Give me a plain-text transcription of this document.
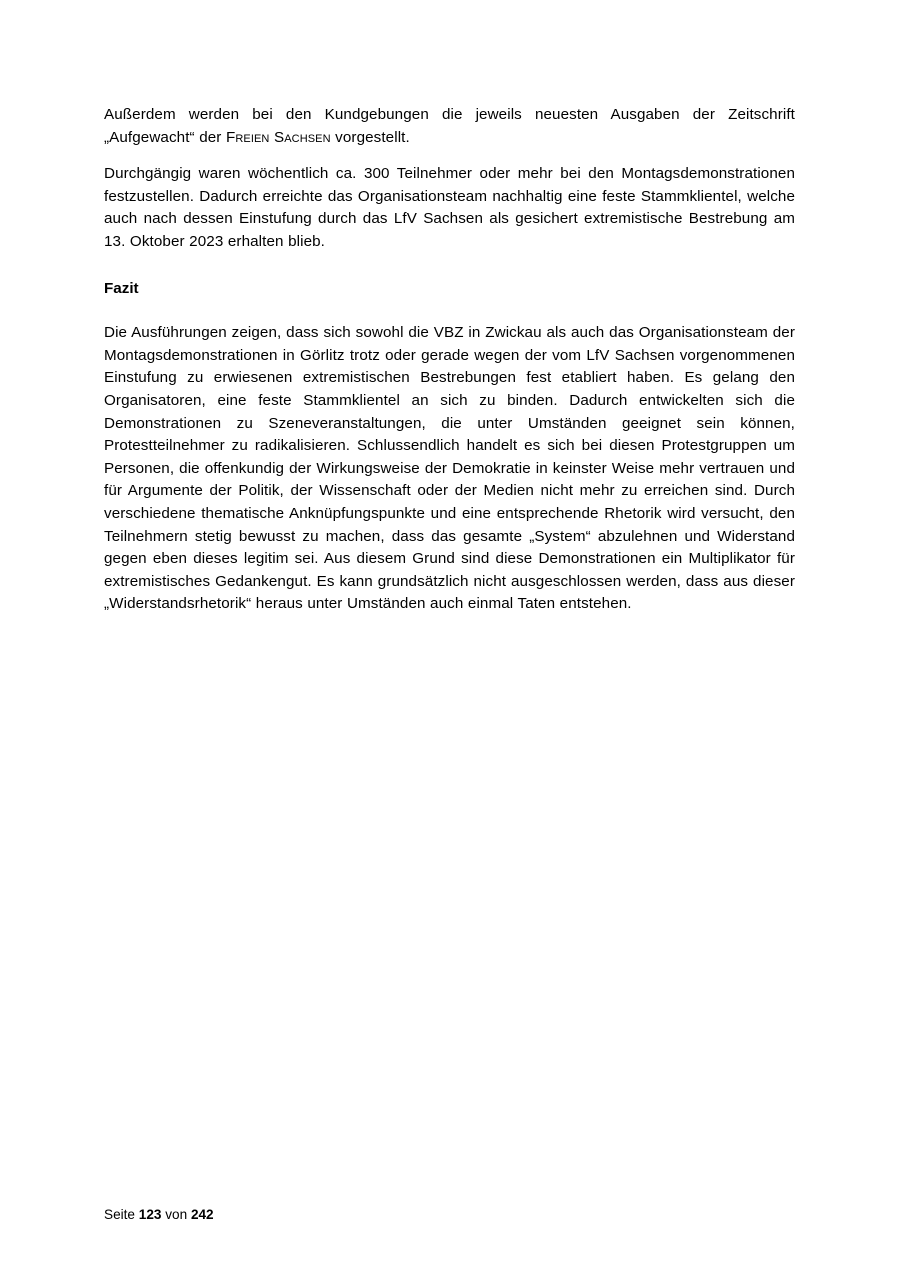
Außerdem werden bei den Kundgebungen die jeweils neuesten Ausgaben der Zeitschrift „Aufgewacht“ der Freien Sachsen vorgestellt.

Durchgängig waren wöchentlich ca. 300 Teilnehmer oder mehr bei den Montagsdemonstrationen festzustellen. Dadurch erreichte das Organisationsteam nachhaltig eine feste Stammklientel, welche auch nach dessen Einstufung durch das LfV Sachsen als gesichert extremistische Bestrebung am 13. Oktober 2023 erhalten blieb.

Fazit

Die Ausführungen zeigen, dass sich sowohl die VBZ in Zwickau als auch das Organisationsteam der Montagsdemonstrationen in Görlitz trotz oder gerade wegen der vom LfV Sachsen vorgenommenen Einstufung zu erwiesenen extremistischen Bestrebungen fest etabliert haben. Es gelang den Organisatoren, eine feste Stammklientel an sich zu binden. Dadurch entwickelten sich die Demonstrationen zu Szeneveranstaltungen, die unter Umständen geeignet sein können, Protestteilnehmer zu radikalisieren. Schlussendlich handelt es sich bei diesen Protestgruppen um Personen, die offenkundig der Wirkungsweise der Demokratie in keinster Weise mehr vertrauen und für Argumente der Politik, der Wissenschaft oder der Medien nicht mehr zu erreichen sind. Durch verschiedene thematische Anknüpfungspunkte und eine entsprechende Rhetorik wird versucht, den Teilnehmern stetig bewusst zu machen, dass das gesamte „System“ abzulehnen und Widerstand gegen eben dieses legitim sei. Aus diesem Grund sind diese Demonstrationen ein Multiplikator für extremistisches Gedankengut. Es kann grundsätzlich nicht ausgeschlossen werden, dass aus dieser „Widerstandsrhetorik“ heraus unter Umständen auch einmal Taten entstehen.

Seite 123 von 242
